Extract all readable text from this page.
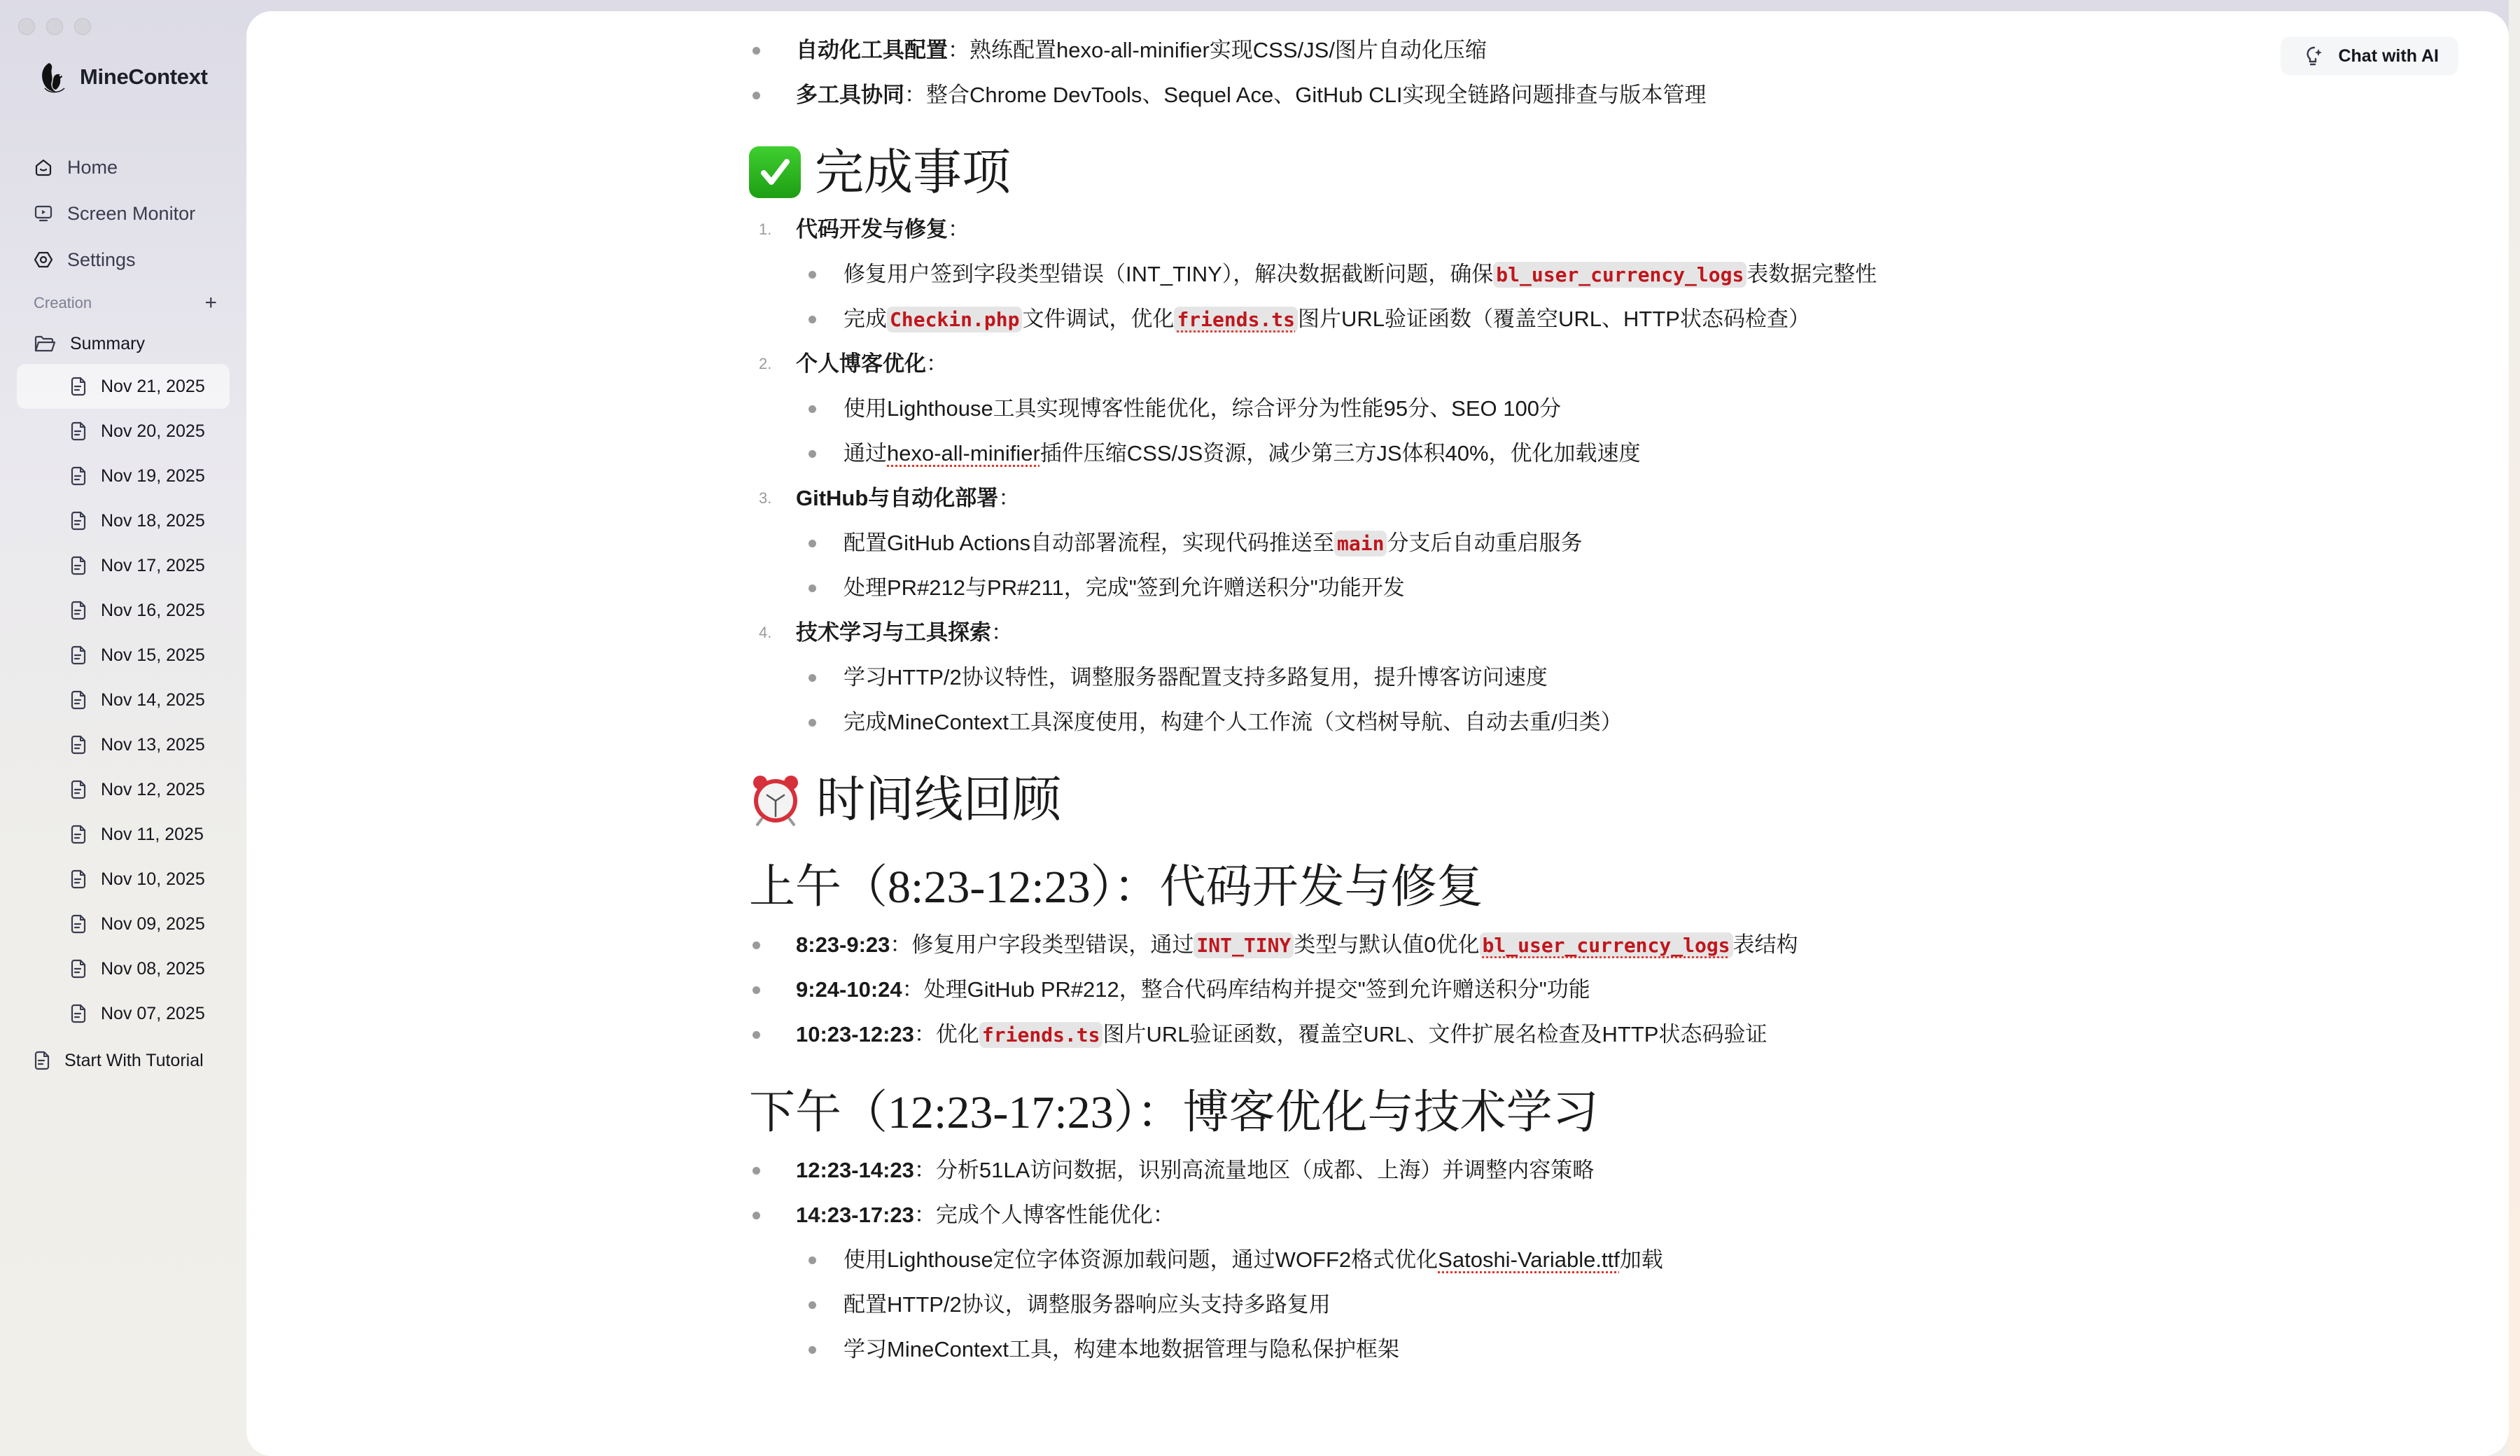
MineContext
Home
Screen Monitor
Settings
Creation	+
Summary
Nov 21, 2025
Nov 20, 2025
Nov 19, 2025
Nov 18, 2025
Nov 17, 2025
Nov 16, 2025
Nov 15, 2025
Nov 14, 2025
Nov 13, 2025
Nov 12, 2025
Nov 11, 2025
Nov 10, 2025
Nov 09, 2025
Nov 08, 2025
Nov 07, 2025
Start With Tutorial
Chat with AI
自动化工具配置：熟练配置hexo-all-minifier实现CSS/JS/图片自动化压缩
多工具协同：整合Chrome DevTools、Sequel Ace、GitHub CLI实现全链路问题排查与版本管理
完成事项
1. 代码开发与修复：
修复用户签到字段类型错误（INT_TINY），解决数据截断问题，确保 bl_user_currency_logs 表数据完整性
完成 Checkin.php 文件调试，优化 friends.ts 图片URL验证函数（覆盖空URL、HTTP状态码检查）
2. 个人博客优化：
使用Lighthouse工具实现博客性能优化，综合评分为性能95分、SEO 100分
通过hexo-all-minifier插件压缩CSS/JS资源，减少第三方JS体积40%，优化加载速度
3. GitHub与自动化部署：
配置GitHub Actions自动部署流程，实现代码推送至 main 分支后自动重启服务
处理PR#212与PR#211，完成"签到允许赠送积分"功能开发
4. 技术学习与工具探索：
学习HTTP/2协议特性，调整服务器配置支持多路复用，提升博客访问速度
完成MineContext工具深度使用，构建个人工作流（文档树导航、自动去重/归类）
时间线回顾
上午（8:23-12:23）：代码开发与修复
8:23-9:23：修复用户字段类型错误，通过 INT_TINY 类型与默认值0优化 bl_user_currency_logs 表结构
9:24-10:24：处理GitHub PR#212，整合代码库结构并提交"签到允许赠送积分"功能
10:23-12:23：优化 friends.ts 图片URL验证函数，覆盖空URL、文件扩展名检查及HTTP状态码验证
下午（12:23-17:23）：博客优化与技术学习
12:23-14:23：分析51LA访问数据，识别高流量地区（成都、上海）并调整内容策略
14:23-17:23：完成个人博客性能优化：
使用Lighthouse定位字体资源加载问题，通过WOFF2格式优化Satoshi-Variable.ttf加载
配置HTTP/2协议，调整服务器响应头支持多路复用
学习MineContext工具，构建本地数据管理与隐私保护框架
